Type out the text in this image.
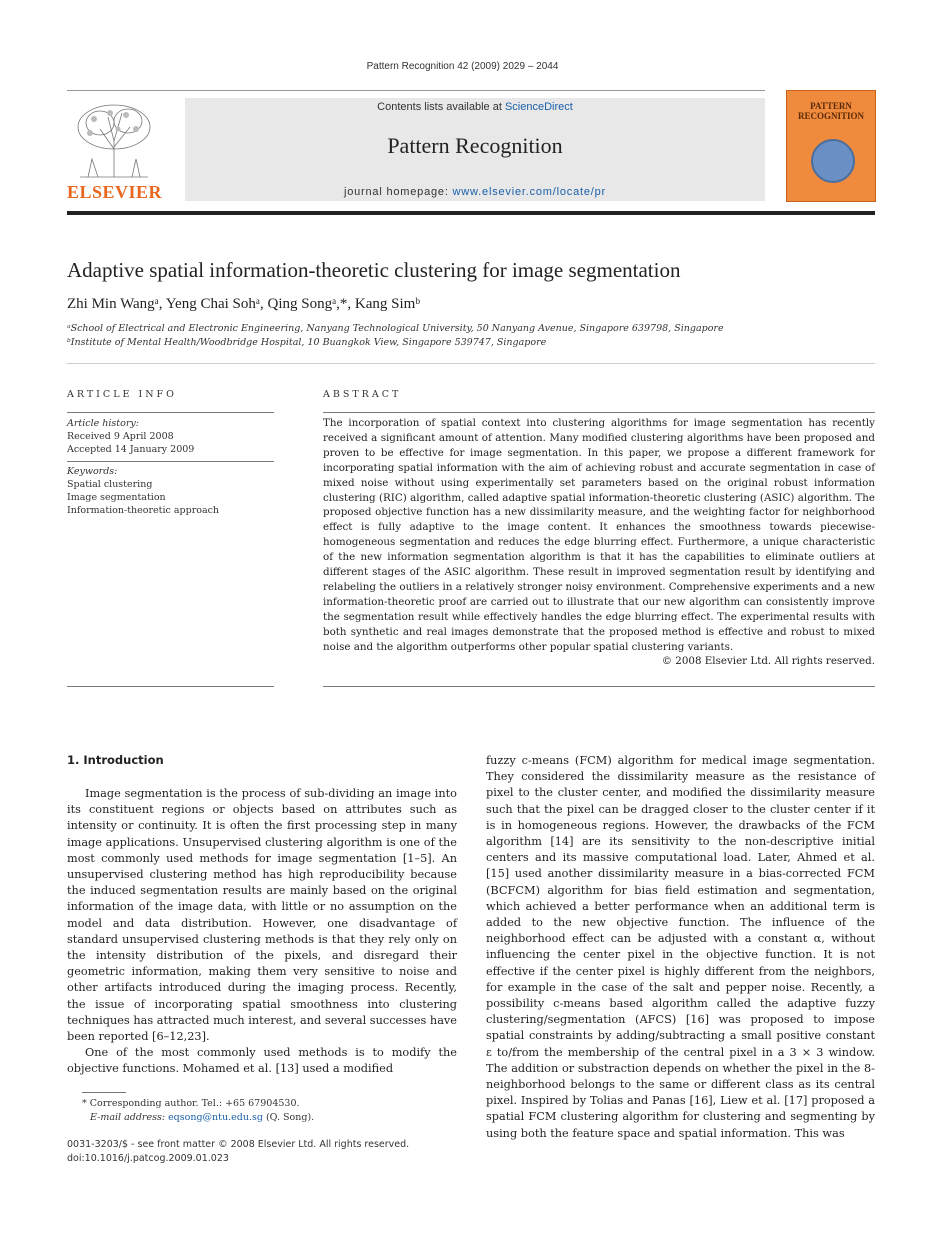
Pattern Recognition 42 (2009) 2029 – 2044
ELSEVIER
Contents lists available at ScienceDirect
Pattern Recognition
journal homepage: www.elsevier.com/locate/pr
PATTERN RECOGNITION
Adaptive spatial information-theoretic clustering for image segmentation
Zhi Min Wangᵃ, Yeng Chai Sohᵃ, Qing Songᵃ,*, Kang Simᵇ
ᵃSchool of Electrical and Electronic Engineering, Nanyang Technological University, 50 Nanyang Avenue, Singapore 639798, Singapore
ᵇInstitute of Mental Health/Woodbridge Hospital, 10 Buangkok View, Singapore 539747, Singapore
ARTICLE INFO
Article history:
Received 9 April 2008
Accepted 14 January 2009
Keywords:
Spatial clustering
Image segmentation
Information-theoretic approach
ABSTRACT
The incorporation of spatial context into clustering algorithms for image segmentation has recently received a significant amount of attention. Many modified clustering algorithms have been proposed and proven to be effective for image segmentation. In this paper, we propose a different framework for incorporating spatial information with the aim of achieving robust and accurate segmentation in case of mixed noise without using experimentally set parameters based on the original robust information clustering (RIC) algorithm, called adaptive spatial information-theoretic clustering (ASIC) algorithm. The proposed objective function has a new dissimilarity measure, and the weighting factor for neighborhood effect is fully adaptive to the image content. It enhances the smoothness towards piecewise-homogeneous segmentation and reduces the edge blurring effect. Furthermore, a unique characteristic of the new information segmentation algorithm is that it has the capabilities to eliminate outliers at different stages of the ASIC algorithm. These result in improved segmentation result by identifying and relabeling the outliers in a relatively stronger noisy environment. Comprehensive experiments and a new information-theoretic proof are carried out to illustrate that our new algorithm can consistently improve the segmentation result while effectively handles the edge blurring effect. The experimental results with both synthetic and real images demonstrate that the proposed method is effective and robust to mixed noise and the algorithm outperforms other popular spatial clustering variants.
© 2008 Elsevier Ltd. All rights reserved.
1. Introduction

Image segmentation is the process of sub-dividing an image into its constituent regions or objects based on attributes such as intensity or continuity. It is often the first processing step in many image applications. Unsupervised clustering algorithm is one of the most commonly used methods for image segmentation [1–5]. An unsupervised clustering method has high reproducibility because the induced segmentation results are mainly based on the original information of the image data, with little or no assumption on the model and data distribution. However, one disadvantage of standard unsupervised clustering methods is that they rely only on the intensity distribution of the pixels, and disregard their geometric information, making them very sensitive to noise and other artifacts introduced during the imaging process. Recently, the issue of incorporating spatial smoothness into clustering techniques has attracted much interest, and several successes have been reported [6–12,23].

One of the most commonly used methods is to modify the objective functions. Mohamed et al. [13] used a modified

fuzzy c-means (FCM) algorithm for medical image segmentation. They considered the dissimilarity measure as the resistance of pixel to the cluster center, and modified the dissimilarity measure such that the pixel can be dragged closer to the cluster center if it is in homogeneous regions. However, the drawbacks of the FCM algorithm [14] are its sensitivity to the non-descriptive initial centers and its massive computational load. Later, Ahmed et al. [15] used another dissimilarity measure in a bias-corrected FCM (BCFCM) algorithm for bias field estimation and segmentation, which achieved a better performance when an additional term is added to the new objective function. The influence of the neighborhood effect can be adjusted with a constant α, without influencing the center pixel in the objective function. It is not effective if the center pixel is highly different from the neighbors, for example in the case of the salt and pepper noise. Recently, a possibility c-means based algorithm called the adaptive fuzzy clustering/segmentation (AFCS) [16] was proposed to impose spatial constraints by adding/subtracting a small positive constant ε to/from the membership of the central pixel in a 3 × 3 window. The addition or substraction depends on whether the pixel in the 8-neighborhood belongs to the same or different class as its central pixel. Inspired by Tolias and Panas [16], Liew et al. [17] proposed a spatial FCM clustering algorithm for clustering and segmenting by using both the feature space and spatial information. This was

* Corresponding author. Tel.: +65 67904530.
E-mail address: eqsong@ntu.edu.sg (Q. Song).
0031-3203/$ - see front matter © 2008 Elsevier Ltd. All rights reserved.
doi:10.1016/j.patcog.2009.01.023
